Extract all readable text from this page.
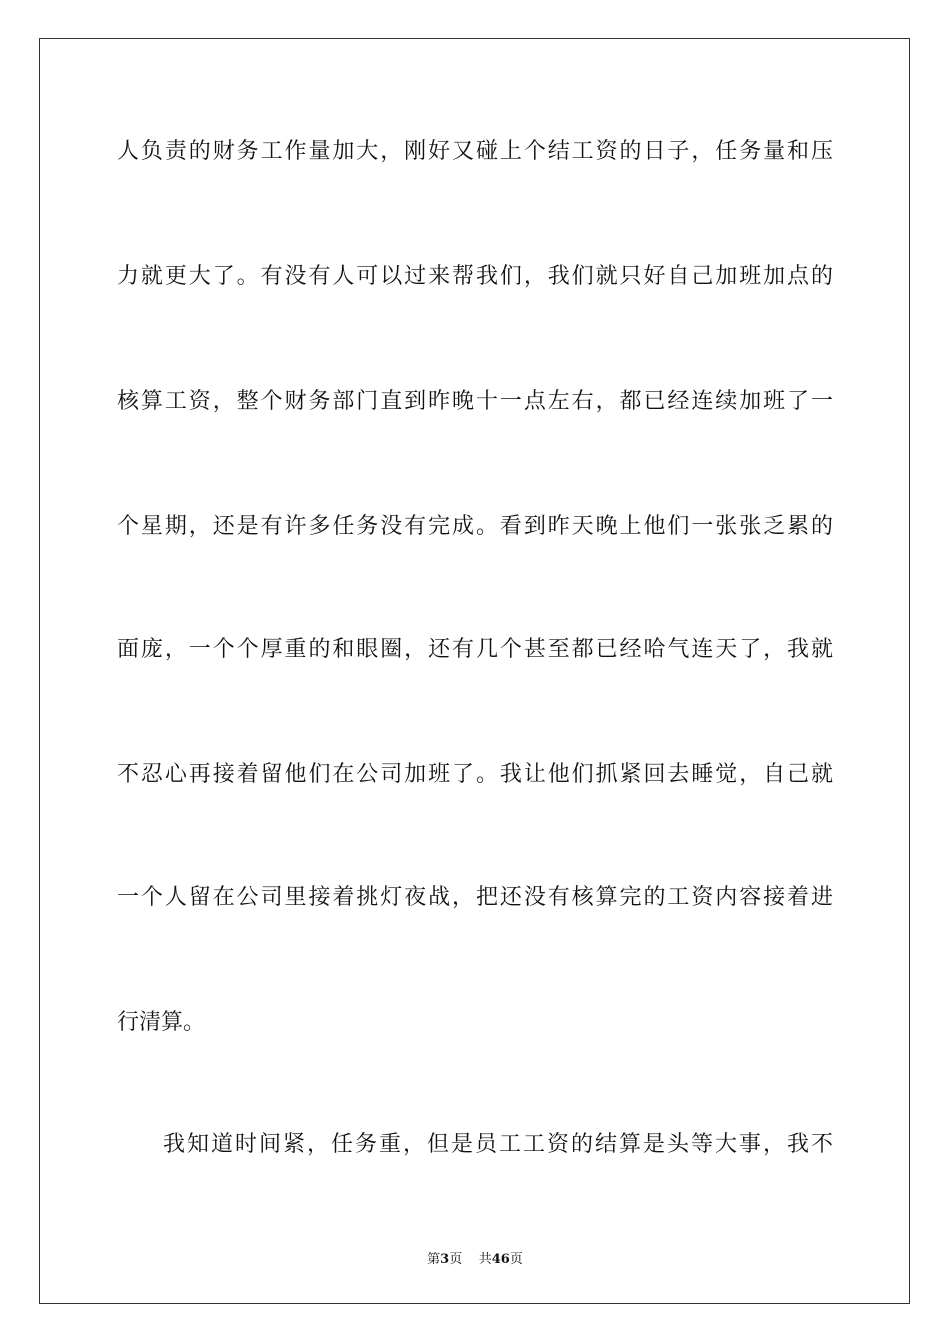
人负责的财务工作量加大，刚好又碰上个结工资的日子，任务量和压
力就更大了。有没有人可以过来帮我们，我们就只好自己加班加点的
核算工资，整个财务部门直到昨晚十一点左右，都已经连续加班了一
个星期，还是有许多任务没有完成。看到昨天晚上他们一张张乏累的
面庞，一个个厚重的和眼圈，还有几个甚至都已经哈气连天了，我就
不忍心再接着留他们在公司加班了。我让他们抓紧回去睡觉，自己就
一个人留在公司里接着挑灯夜战，把还没有核算完的工资内容接着进
行清算。
我知道时间紧，任务重，但是员工工资的结算是头等大事，我不
第3页 共46页
